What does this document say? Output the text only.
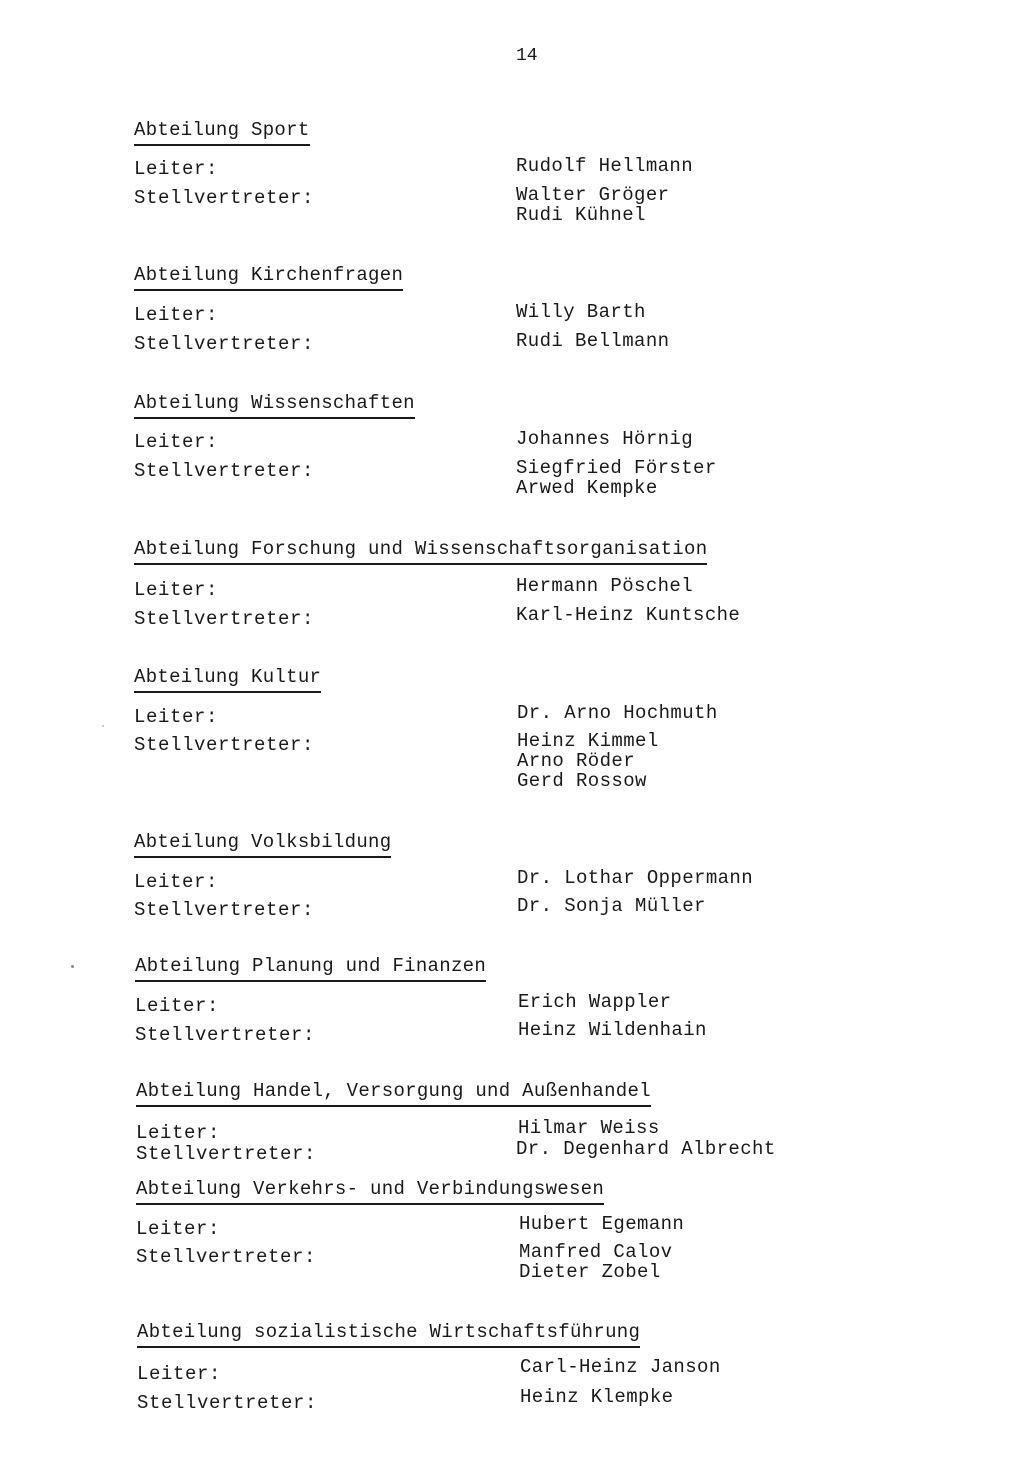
14
Abteilung Sport
Leiter:
Stellvertreter:
Rudolf Hellmann
Walter Gröger
Rudi Kühnel
Abteilung Kirchenfragen
Leiter:
Stellvertreter:
Willy Barth
Rudi Bellmann
Abteilung Wissenschaften
Leiter:
Stellvertreter:
Johannes Hörnig
Siegfried Förster
Arwed Kempke
Abteilung Forschung und Wissenschaftsorganisation
Leiter:
Stellvertreter:
Hermann Pöschel
Karl-Heinz Kuntsche
Abteilung Kultur
Leiter:
Stellvertreter:
Dr. Arno Hochmuth
Heinz Kimmel
Arno Röder
Gerd Rossow
Abteilung Volksbildung
Leiter:
Stellvertreter:
Dr. Lothar Oppermann
Dr. Sonja Müller
Abteilung Planung und Finanzen
Leiter:
Stellvertreter:
Erich Wappler
Heinz Wildenhain
Abteilung Handel, Versorgung und Außenhandel
Leiter:
Stellvertreter:
Hilmar Weiss
Dr. Degenhard Albrecht
Abteilung Verkehrs- und Verbindungswesen
Leiter:
Stellvertreter:
Hubert Egemann
Manfred Calov
Dieter Zobel
Abteilung sozialistische Wirtschaftsführung
Leiter:
Stellvertreter:
Carl-Heinz Janson
Heinz Klempke
